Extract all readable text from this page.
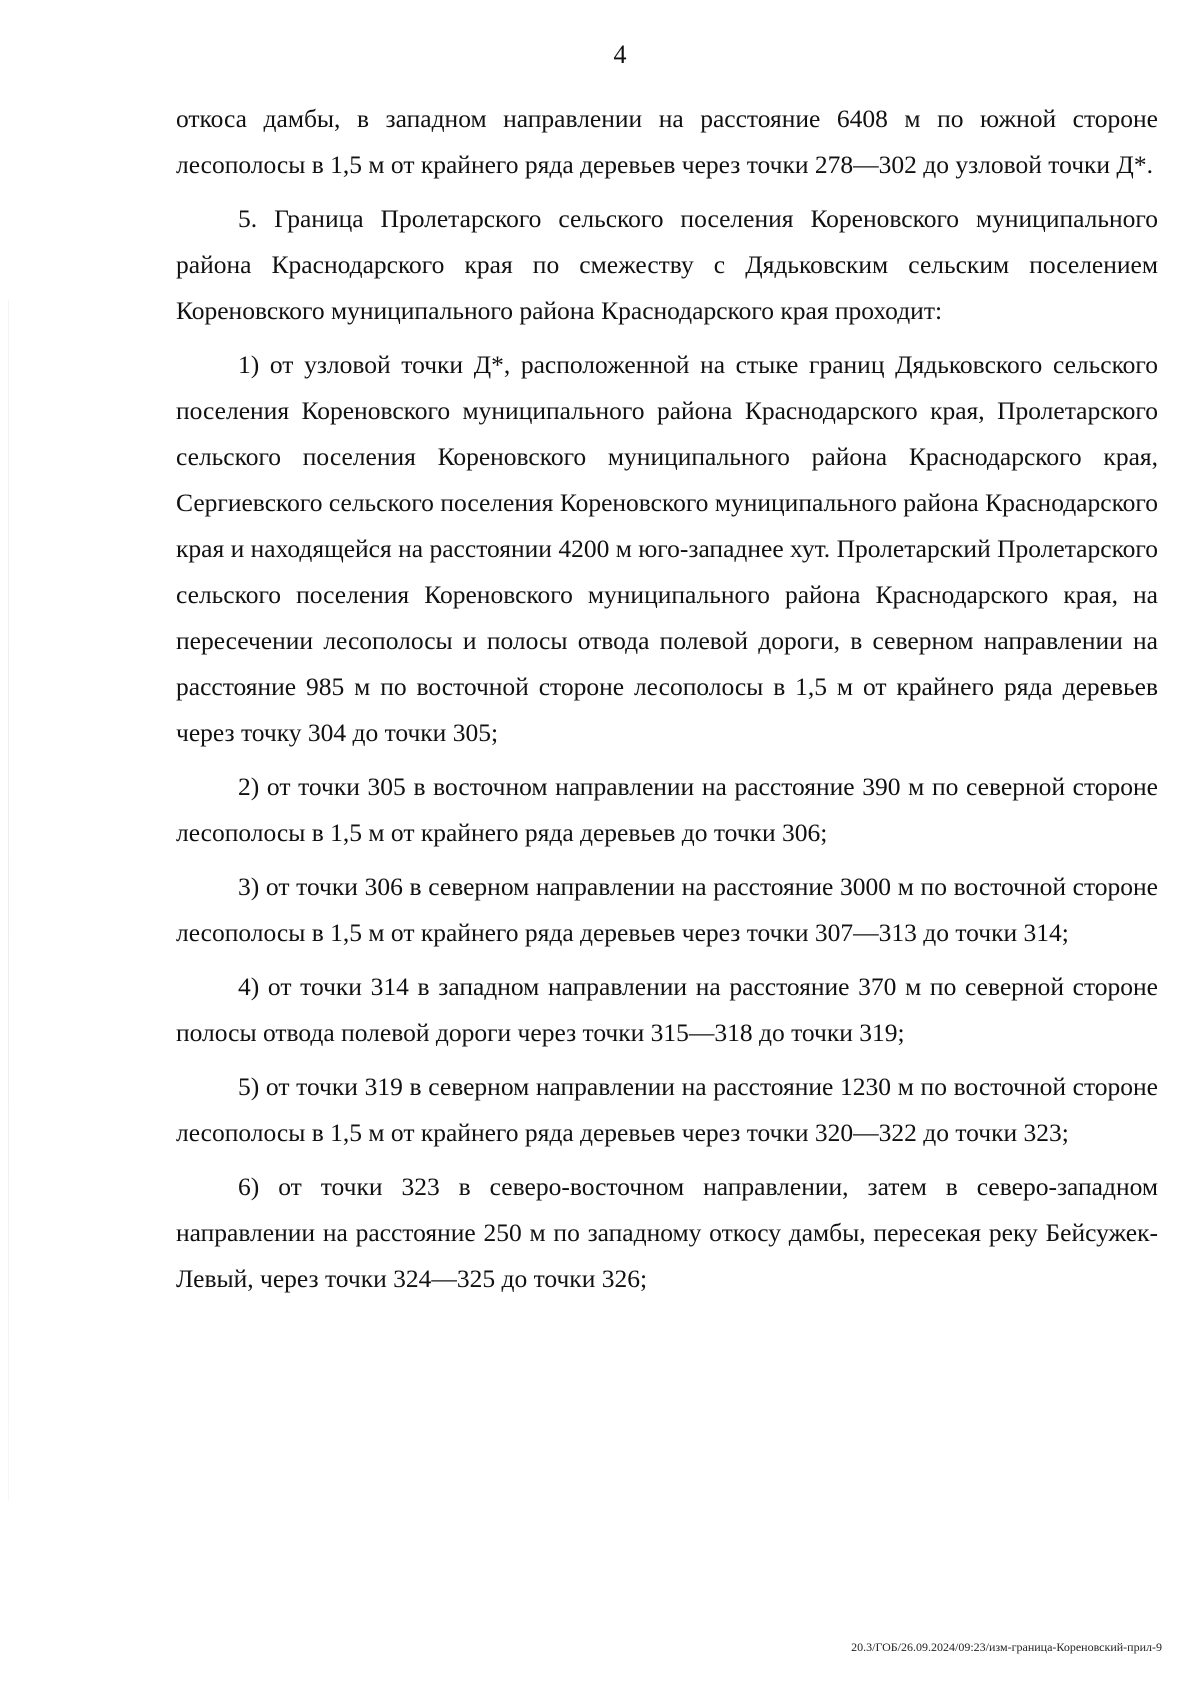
4

откоса дамбы, в западном направлении на расстояние 6408 м по южной стороне лесополосы в 1,5 м от крайнего ряда деревьев через точки 278—302 до узловой точки Д*.

5. Граница Пролетарского сельского поселения Кореновского муниципального района Краснодарского края по смежеству с Дядьковским сельским поселением Кореновского муниципального района Краснодарского края проходит:

1) от узловой точки Д*, расположенной на стыке границ Дядьковского сельского поселения Кореновского муниципального района Краснодарского края, Пролетарского сельского поселения Кореновского муниципального района Краснодарского края, Сергиевского сельского поселения Кореновского муниципального района Краснодарского края и находящейся на расстоянии 4200 м юго-западнее хут. Пролетарский Пролетарского сельского поселения Кореновского муниципального района Краснодарского края, на пересечении лесополосы и полосы отвода полевой дороги, в северном направлении на расстояние 985 м по восточной стороне лесополосы в 1,5 м от крайнего ряда деревьев через точку 304 до точки 305;

2) от точки 305 в восточном направлении на расстояние 390 м по северной стороне лесополосы в 1,5 м от крайнего ряда деревьев до точки 306;

3) от точки 306 в северном направлении на расстояние 3000 м по восточной стороне лесополосы в 1,5 м от крайнего ряда деревьев через точки 307—313 до точки 314;

4) от точки 314 в западном направлении на расстояние 370 м по северной стороне полосы отвода полевой дороги через точки 315—318 до точки 319;

5) от точки 319 в северном направлении на расстояние 1230 м по восточной стороне лесополосы в 1,5 м от крайнего ряда деревьев через точки 320—322 до точки 323;

6) от точки 323 в северо-восточном направлении, затем в северо-западном направлении на расстояние 250 м по западному откосу дамбы, пересекая реку Бейсужек-Левый, через точки 324—325 до точки 326;

20.3/ГОБ/26.09.2024/09:23/изм-граница-Кореновский-прил-9
